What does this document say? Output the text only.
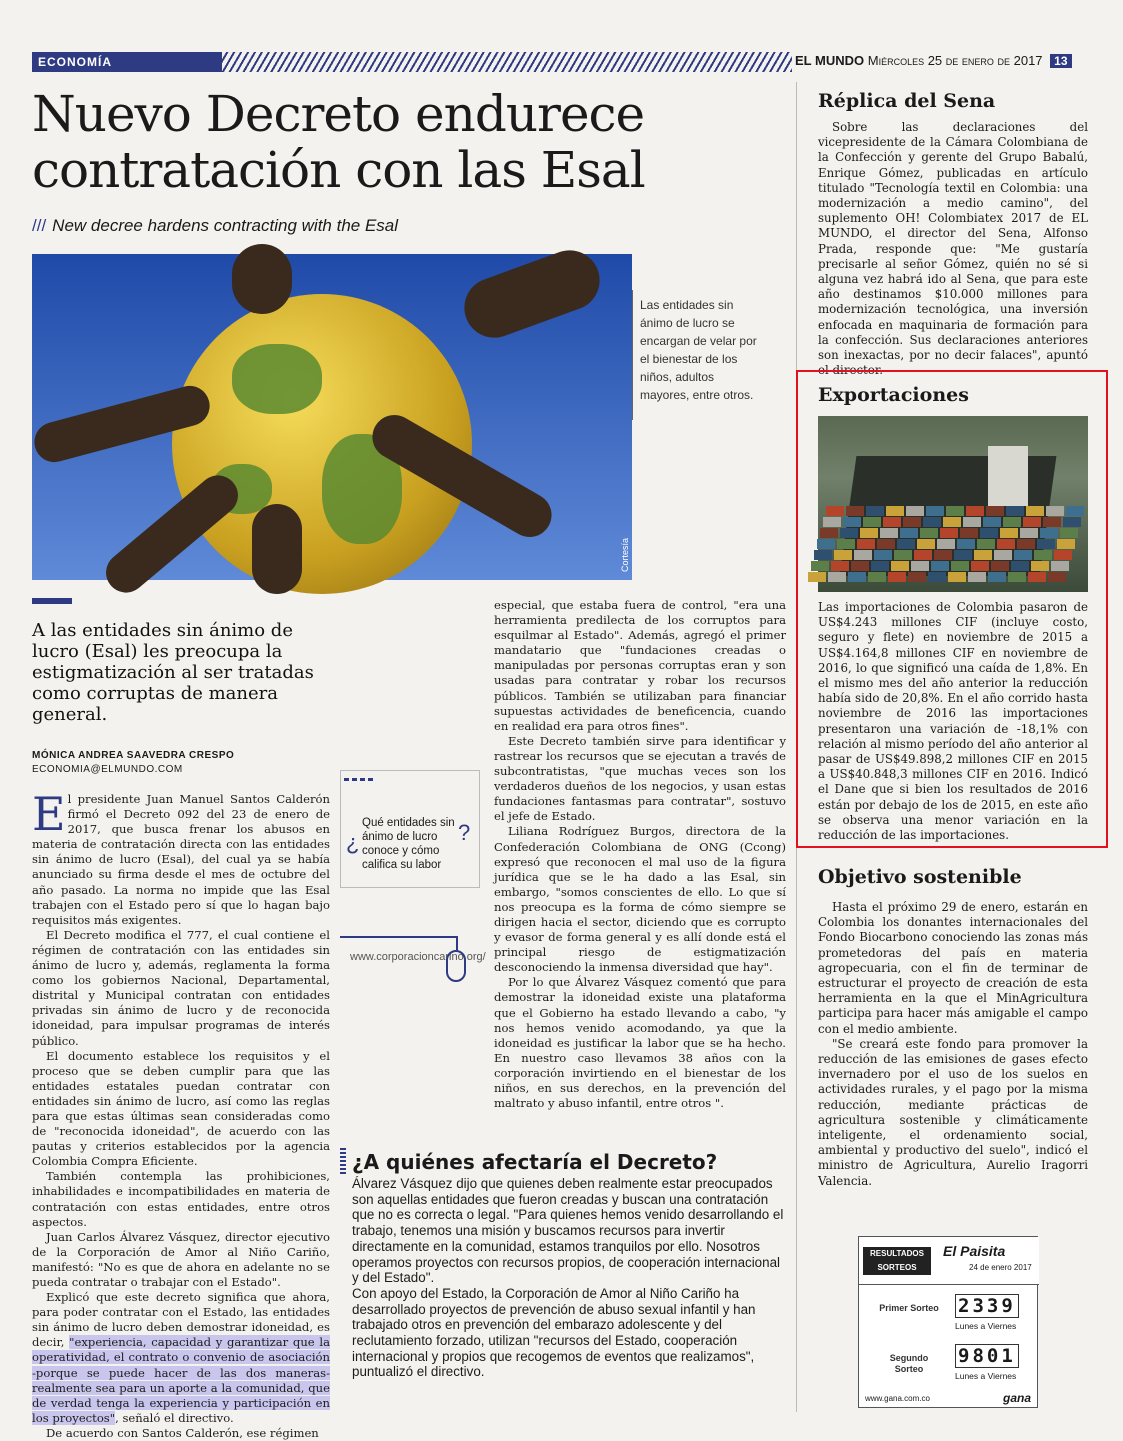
ECONOMÍA	EL MUNDO Miércoles 25 de enero de 2017 13
Nuevo Decreto endurece
contratación con las Esal
/// New decree hardens contracting with the Esal
Cortesía
Las entidades sin ánimo de lucro se encargan de velar por el bienestar de los niños, adultos mayores, entre otros.
A las entidades sin ánimo de lucro (Esal) les preocupa la estigmatización al ser tratadas como corruptas de manera general.
MÓNICA ANDREA SAAVEDRA CRESPO
ECONOMIA@ELMUNDO.COM

El presidente Juan Manuel Santos Calderón firmó el Decreto 092 del 23 de enero de 2017, que busca frenar los abusos en materia de contratación directa con las entidades sin ánimo de lucro (Esal), del cual ya se había anunciado su firma desde el mes de octubre del año pasado. La norma no impide que las Esal trabajen con el Estado pero sí que lo hagan bajo requisitos más exigentes.

El Decreto modifica el 777, el cual contiene el régimen de contratación con las entidades sin ánimo de lucro y, además, reglamenta la forma como los gobiernos Nacional, Departamental, distrital y Municipal contratan con entidades privadas sin ánimo de lucro y de reconocida idoneidad, para impulsar programas de interés público.

El documento establece los requisitos y el proceso que se deben cumplir para que las entidades estatales puedan contratar con entidades sin ánimo de lucro, así como las reglas para que estas últimas sean consideradas como de "reconocida idoneidad", de acuerdo con las pautas y criterios establecidos por la agencia Colombia Compra Eficiente.

También contempla las prohibiciones, inhabilidades e incompatibilidades en materia de contratación con estas entidades, entre otros aspectos.

Juan Carlos Álvarez Vásquez, director ejecutivo de la Corporación de Amor al Niño Cariño, manifestó: "No es que de ahora en adelante no se pueda contratar o trabajar con el Estado".

Explicó que este decreto significa que ahora, para poder contratar con el Estado, las entidades sin ánimo de lucro deben demostrar idoneidad, es decir, "experiencia, capacidad y garantizar que la operatividad, el contrato o convenio de asociación -porque se puede hacer de las dos maneras- realmente sea para un aporte a la comunidad, que de verdad tenga la experiencia y participación en los proyectos", señaló el directivo.

De acuerdo con Santos Calderón, ese régimen

¿
Qué entidades sin ánimo de lucro conoce y cómo califica su labor
?
www.corporacioncarino.org/

especial, que estaba fuera de control, "era una herramienta predilecta de los corruptos para esquilmar al Estado". Además, agregó el primer mandatario que "fundaciones creadas o manipuladas por personas corruptas eran y son usadas para contratar y robar los recursos públicos. También se utilizaban para financiar supuestas actividades de beneficencia, cuando en realidad era para otros fines".

Este Decreto también sirve para identificar y rastrear los recursos que se ejecutan a través de subcontratistas, "que muchas veces son los verdaderos dueños de los negocios, y usan estas fundaciones fantasmas para contratar", sostuvo el jefe de Estado.

Liliana Rodríguez Burgos, directora de la Confederación Colombiana de ONG (Ccong) expresó que reconocen el mal uso de la figura jurídica que se le ha dado a las Esal, sin embargo, "somos conscientes de ello. Lo que sí nos preocupa es la forma de cómo siempre se dirigen hacia el sector, diciendo que es corrupto y evasor de forma general y es allí donde está el principal riesgo de estigmatización desconociendo la inmensa diversidad que hay".

Por lo que Álvarez Vásquez comentó que para demostrar la idoneidad existe una plataforma que el Gobierno ha estado llevando a cabo, "y nos hemos venido acomodando, ya que la idoneidad es justificar la labor que se ha hecho. En nuestro caso llevamos 38 años con la corporación invirtiendo en el bienestar de los niños, en sus derechos, en la prevención del maltrato y abuso infantil, entre otros ".

¿A quiénes afectaría el Decreto?

Álvarez Vásquez dijo que quienes deben realmente estar preocupados son aquellas entidades que fueron creadas y buscan una contratación que no es correcta o legal. "Para quienes hemos venido desarrollando el trabajo, tenemos una misión y buscamos recursos para invertir directamente en la comunidad, estamos tranquilos por ello. Nosotros operamos proyectos con recursos propios, de cooperación internacional y del Estado".

Con apoyo del Estado, la Corporación de Amor al Niño Cariño ha desarrollado proyectos de prevención de abuso sexual infantil y han trabajado otros en prevención del embarazo adolescente y del reclutamiento forzado, utilizan "recursos del Estado, cooperación internacional y propios que recogemos de eventos que realizamos", puntualizó el directivo.

Réplica del Sena

Sobre las declaraciones del vicepresidente de la Cámara Colombiana de la Confección y gerente del Grupo Babalú, Enrique Gómez, publicadas en artículo titulado "Tecnología textil en Colombia: una modernización a medio camino", del suplemento OH! Colombiatex 2017 de EL MUNDO, el director del Sena, Alfonso Prada, responde que: "Me gustaría precisarle al señor Gómez, quién no sé si alguna vez habrá ido al Sena, que para este año destinamos $10.000 millones para modernización tecnológica, una inversión enfocada en maquinaria de formación para la confección. Sus declaraciones anteriores son inexactas, por no decir falaces", apuntó el director.

Exportaciones

Las importaciones de Colombia pasaron de US$4.243 millones CIF (incluye costo, seguro y flete) en noviembre de 2015 a US$4.164,8 millones CIF en noviembre de 2016, lo que significó una caída de 1,8%. En el mismo mes del año anterior la reducción había sido de 20,8%. En el año corrido hasta noviembre de 2016 las importaciones presentaron una variación de -18,1% con relación al mismo período del año anterior al pasar de US$49.898,2 millones CIF en 2015 a US$40.848,3 millones CIF en 2016. Indicó el Dane que si bien los resultados de 2016 están por debajo de los de 2015, en este año se observa una menor variación en la reducción de las importaciones.

Objetivo sostenible

Hasta el próximo 29 de enero, estarán en Colombia los donantes internacionales del Fondo Biocarbono conociendo las zonas más prometedoras del país en materia agropecuaria, con el fin de terminar de estructurar el proyecto de creación de esta herramienta en la que el MinAgricultura participa para hacer más amigable el campo con el medio ambiente.

"Se creará este fondo para promover la reducción de las emisiones de gases efecto invernadero por el uso de los suelos en actividades rurales, y el pago por la misma reducción, mediante prácticas de agricultura sostenible y climáticamente inteligente, el ordenamiento social, ambiental y productivo del suelo", indicó el ministro de Agricultura, Aurelio Iragorri Valencia.

RESULTADOS SORTEOS
El Paisita
24 de enero 2017
Primer Sorteo 2339
Lunes a Viernes
Segundo Sorteo
9801
Lunes a Viernes
www.gana.com.co	gana
